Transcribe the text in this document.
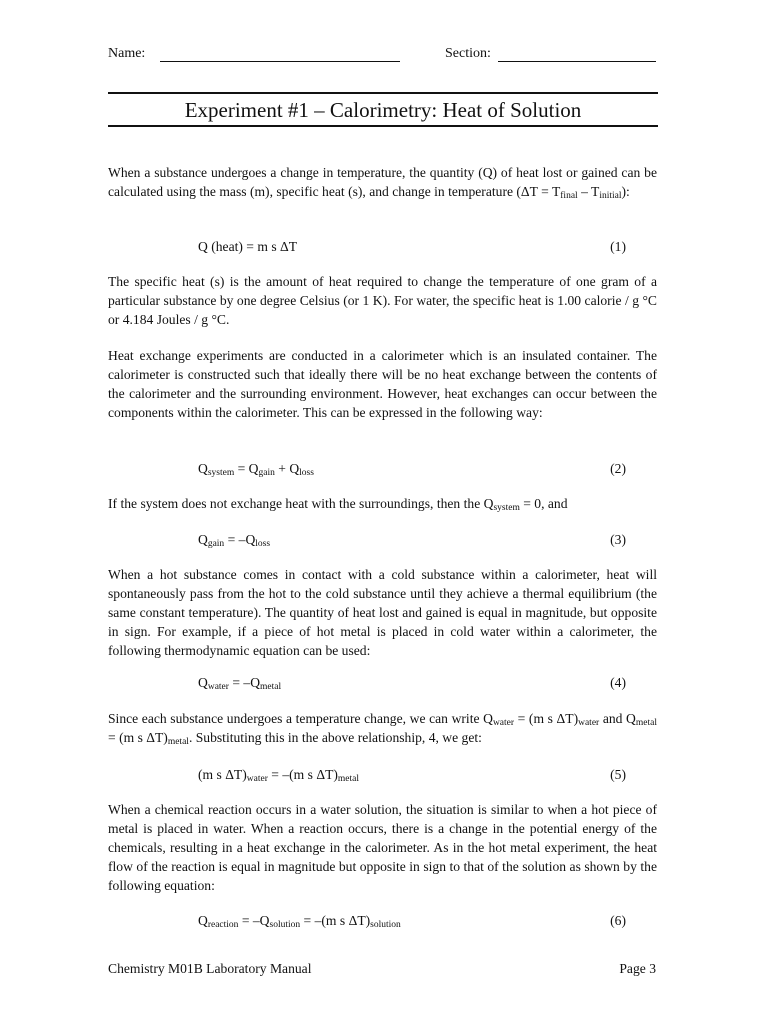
Name:	Section:
Experiment #1 – Calorimetry: Heat of Solution

When a substance undergoes a change in temperature, the quantity (Q) of heat lost or gained can be calculated using the mass (m), specific heat (s), and change in temperature $(\Delta T = T_{final} - T_{initial})$:

Q (heat) = m s ΔT	(1)

The specific heat (s) is the amount of heat required to change the temperature of one gram of a particular substance by one degree Celsius (or 1 K). For water, the specific heat is 1.00 calorie / g °C or 4.184 Joules / g °C.

Heat exchange experiments are conducted in a calorimeter which is an insulated container. The calorimeter is constructed such that ideally there will be no heat exchange between the contents of the calorimeter and the surrounding environment. However, heat exchanges can occur between the components within the calorimeter. This can be expressed in the following way:

$Q_{system} = Q_{gain} + Q_{loss}$	(2)

If the system does not exchange heat with the surroundings, then the $Q_{system} = 0$, and

$Q_{gain} = -Q_{loss}$	(3)

When a hot substance comes in contact with a cold substance within a calorimeter, heat will spontaneously pass from the hot to the cold substance until they achieve a thermal equilibrium (the same constant temperature). The quantity of heat lost and gained is equal in magnitude, but opposite in sign. For example, if a piece of hot metal is placed in cold water within a calorimeter, the following thermodynamic equation can be used:

$Q_{water} = -Q_{metal}$	(4)

Since each substance undergoes a temperature change, we can write $Q_{water} = (m$ s $\Delta T)_{water}$ and $Q_{metal} = (m$ s $\Delta T)_{metal}$. Substituting this in the above relationship, 4, we get:

(m s $\Delta T)_{water} = -(m$ s $\Delta T)_{metal}$	(5)

When a chemical reaction occurs in a water solution, the situation is similar to when a hot piece of metal is placed in water. When a reaction occurs, there is a change in the potential energy of the chemicals, resulting in a heat exchange in the calorimeter. As in the hot metal experiment, the heat flow of the reaction is equal in magnitude but opposite in sign to that of the solution as shown by the following equation:

$Q_{reaction} = -Q_{solution} = -(m$ s $\Delta T)_{solution}$	(6)
Chemistry M01B Laboratory Manual	Page 3
